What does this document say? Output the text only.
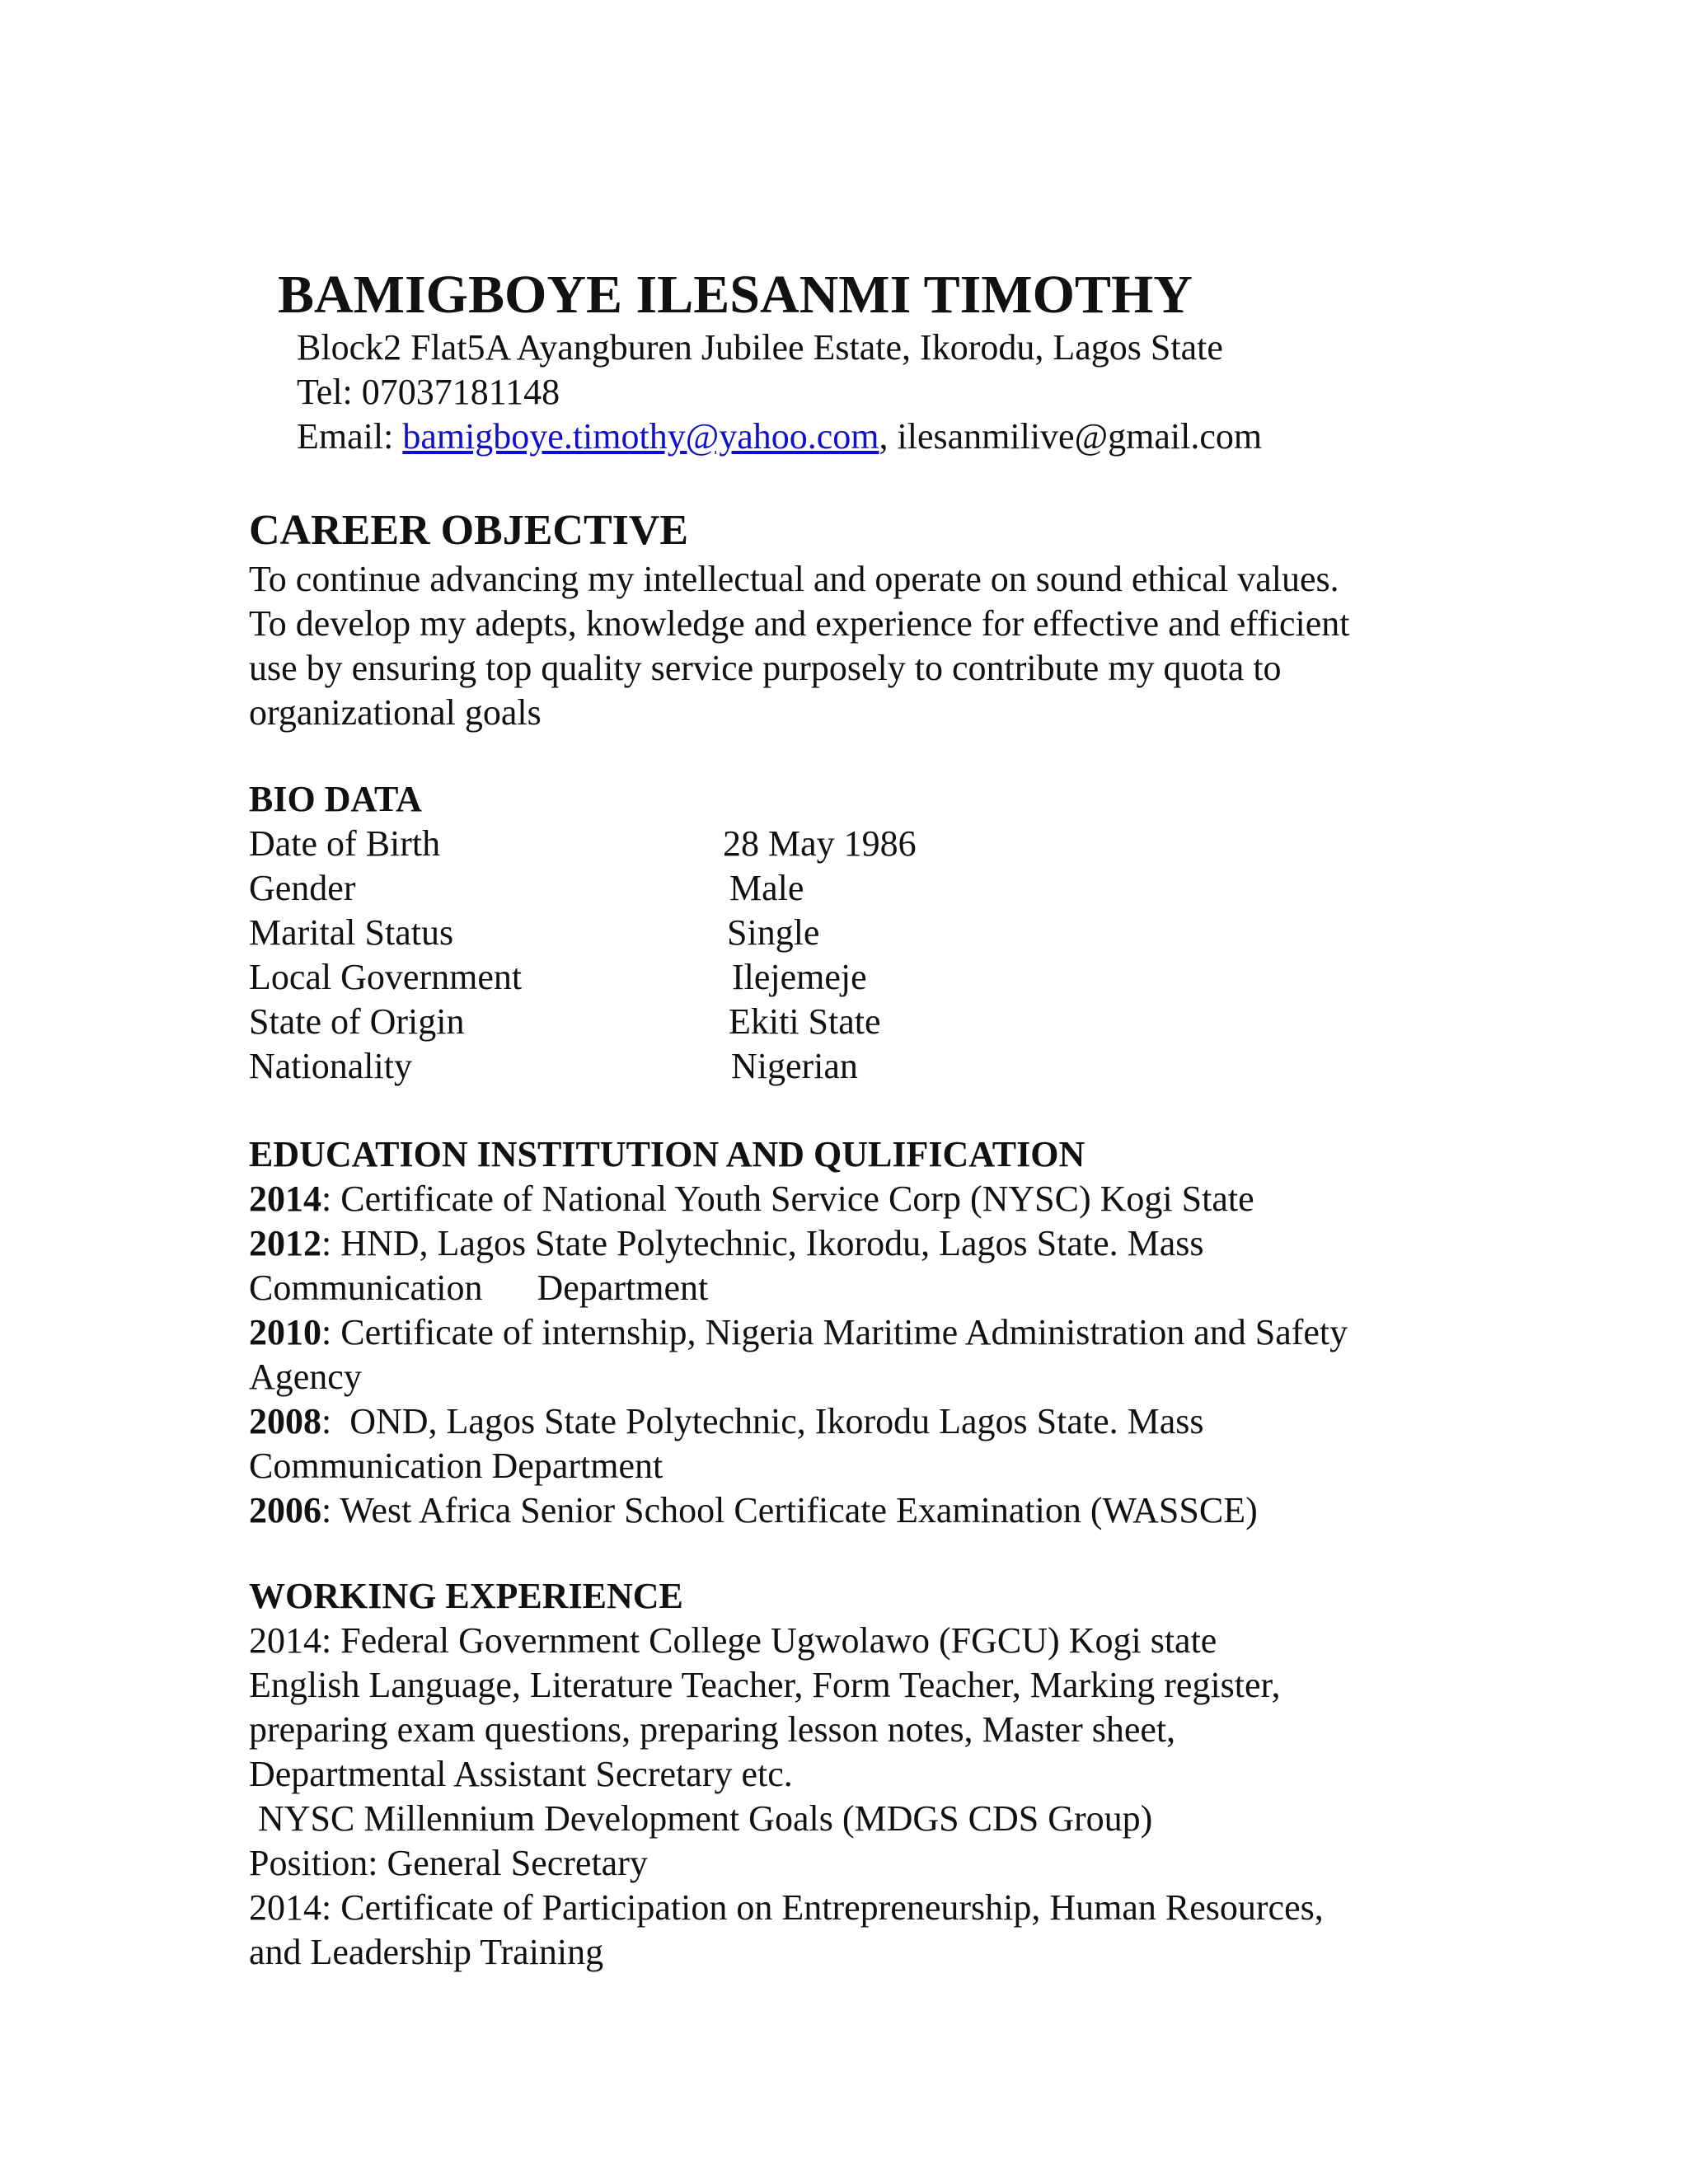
BAMIGBOYE ILESANMI TIMOTHY
Block2 Flat5A Ayangburen Jubilee Estate, Ikorodu, Lagos State
Tel: 07037181148
Email: bamigboye.timothy@yahoo.com, ilesanmilive@gmail.com
CAREER OBJECTIVE
To continue advancing my intellectual and operate on sound ethical values.
To develop my adepts, knowledge and experience for effective and efficient
use by ensuring top quality service purposely to contribute my quota to
organizational goals
BIO DATA
Date of Birth	28 May 1986
Gender	Male
Marital Status	Single
Local Government	Ilejemeje
State of Origin	Ekiti State
Nationality	Nigerian
EDUCATION INSTITUTION AND QULIFICATION
2014: Certificate of National Youth Service Corp (NYSC) Kogi State
2012: HND, Lagos State Polytechnic, Ikorodu, Lagos State. Mass
Communication      Department
2010: Certificate of internship, Nigeria Maritime Administration and Safety
Agency
2008:  OND, Lagos State Polytechnic, Ikorodu Lagos State. Mass
Communication Department
2006: West Africa Senior School Certificate Examination (WASSCE)
WORKING EXPERIENCE
2014: Federal Government College Ugwolawo (FGCU) Kogi state
English Language, Literature Teacher, Form Teacher, Marking register,
preparing exam questions, preparing lesson notes, Master sheet,
Departmental Assistant Secretary etc.
NYSC Millennium Development Goals (MDGS CDS Group)
Position: General Secretary
2014: Certificate of Participation on Entrepreneurship, Human Resources,
and Leadership Training
